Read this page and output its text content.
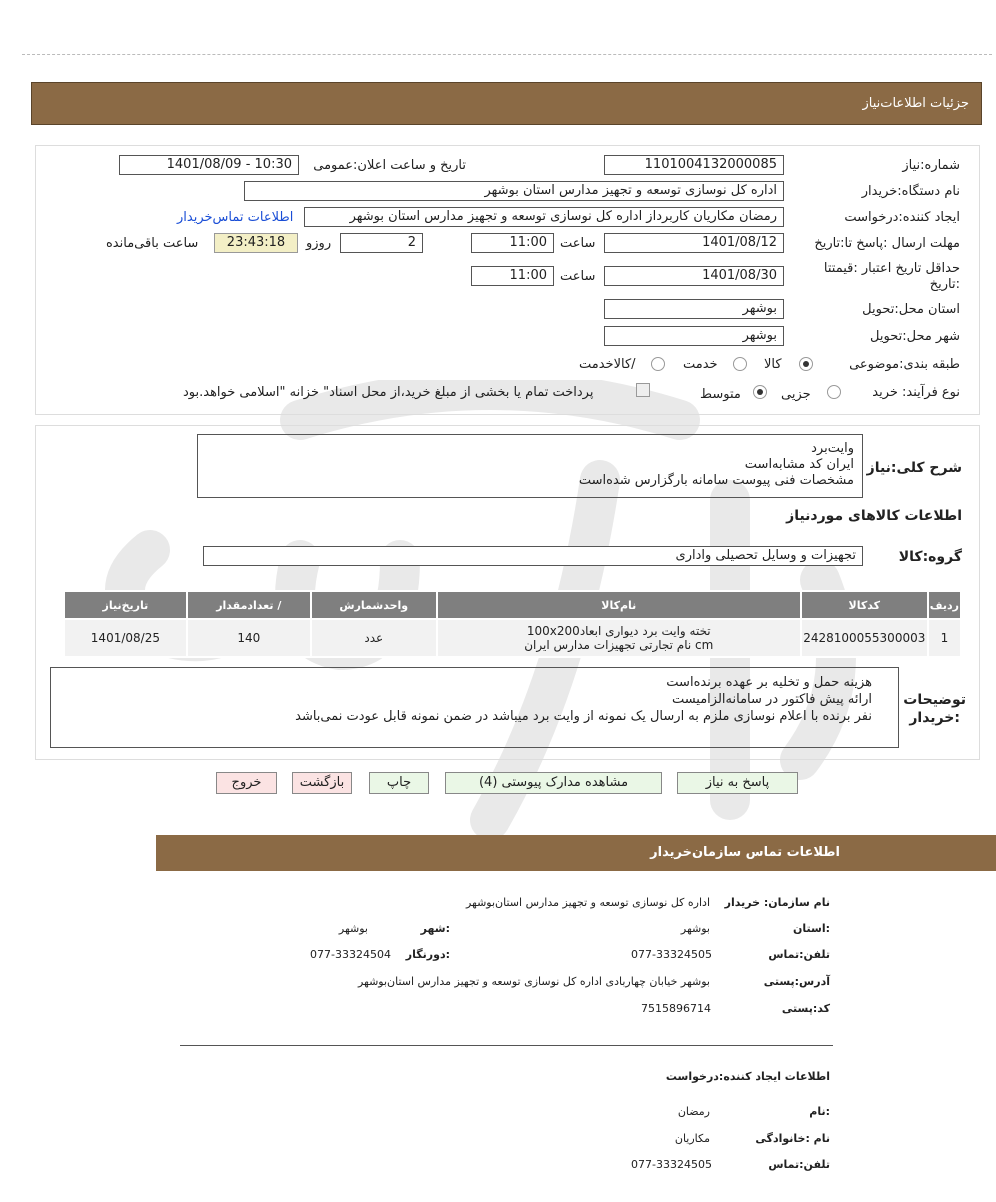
جزئیات اطلاعات‌نیاز
شماره:نیاز
1101004132000085
تاریخ و ساعت اعلان:عمومی
1401/08/09 - 10:30
نام دستگاه:خریدار
اداره کل نوسازی توسعه و تجهیز مدارس استان بوشهر
ایجاد کننده:درخواست
رمضان مکاریان کاربرداز اداره کل نوسازی توسعه و تجهیز مدارس استان بوشهر
اطلاعات تماس‌خریدار
مهلت ارسال :پاسخ تا:تاریخ
1401/08/12
ساعت
11:00
2
روزو
23:43:18
ساعت باقی‌مانده
حداقل تاریخ اعتبار :قیمتتا :تاریخ
1401/08/30
ساعت
11:00
استان محل:تحویل
بوشهر
شهر محل:تحویل
بوشهر
طبقه بندی:موضوعی
کالا
خدمت
/کالاخدمت
نوع فرآیند: خرید
جزیی
متوسط
پرداخت تمام یا بخشی از مبلغ خرید،از محل اسناد" خزانه "اسلامی خواهد.بود
شرح کلی:نیاز
وایت‌برد
ایران کد مشابه‌است
مشخصات فنی پیوست سامانه بارگزارس شده‌است
اطلاعات کالاهای موردنیاز
گروه:کالا
تجهیزات و وسایل تحصیلی واداری
ردیف	کدکالا	نام‌کالا	واحدشمارش	/ تعدادمقدار	تاریخ‌نیاز
1	2428100055300003	تخته وایت برد دیواری ابعاد100x200
cm نام تجارتی تجهیزات مدارس ایران	عدد	140	1401/08/25
توضیحات
:خریدار
هزینه حمل و تخلیه بر عهده برنده‌است
ارائه پیش فاکتور در سامانه‌الزامیست
نفر برنده با اعلام نوسازی ملزم به ارسال یک نمونه از وایت برد میباشد در ضمن نمونه قابل عودت نمی‌باشد
پاسخ به نیاز
مشاهده مدارک پیوستی (4)
چاپ
بازگشت
خروج
اطلاعات تماس سازمان‌خریدار
نام سازمان: خریدار
اداره کل نوسازی توسعه و تجهیز مدارس استان‌بوشهر
:استان
بوشهر
:شهر
بوشهر
تلفن:تماس
077-33324505
:دورنگار
077-33324504
آدرس:پستی
بوشهر خیابان چهاربادی اداره کل نوسازی توسعه و تجهیز مدارس استان‌بوشهر
کد:پستی
7515896714
اطلاعات ایجاد کننده:درخواست
:نام
رمضان
نام :خانوادگی
مکاریان
تلفن:تماس
077-33324505
